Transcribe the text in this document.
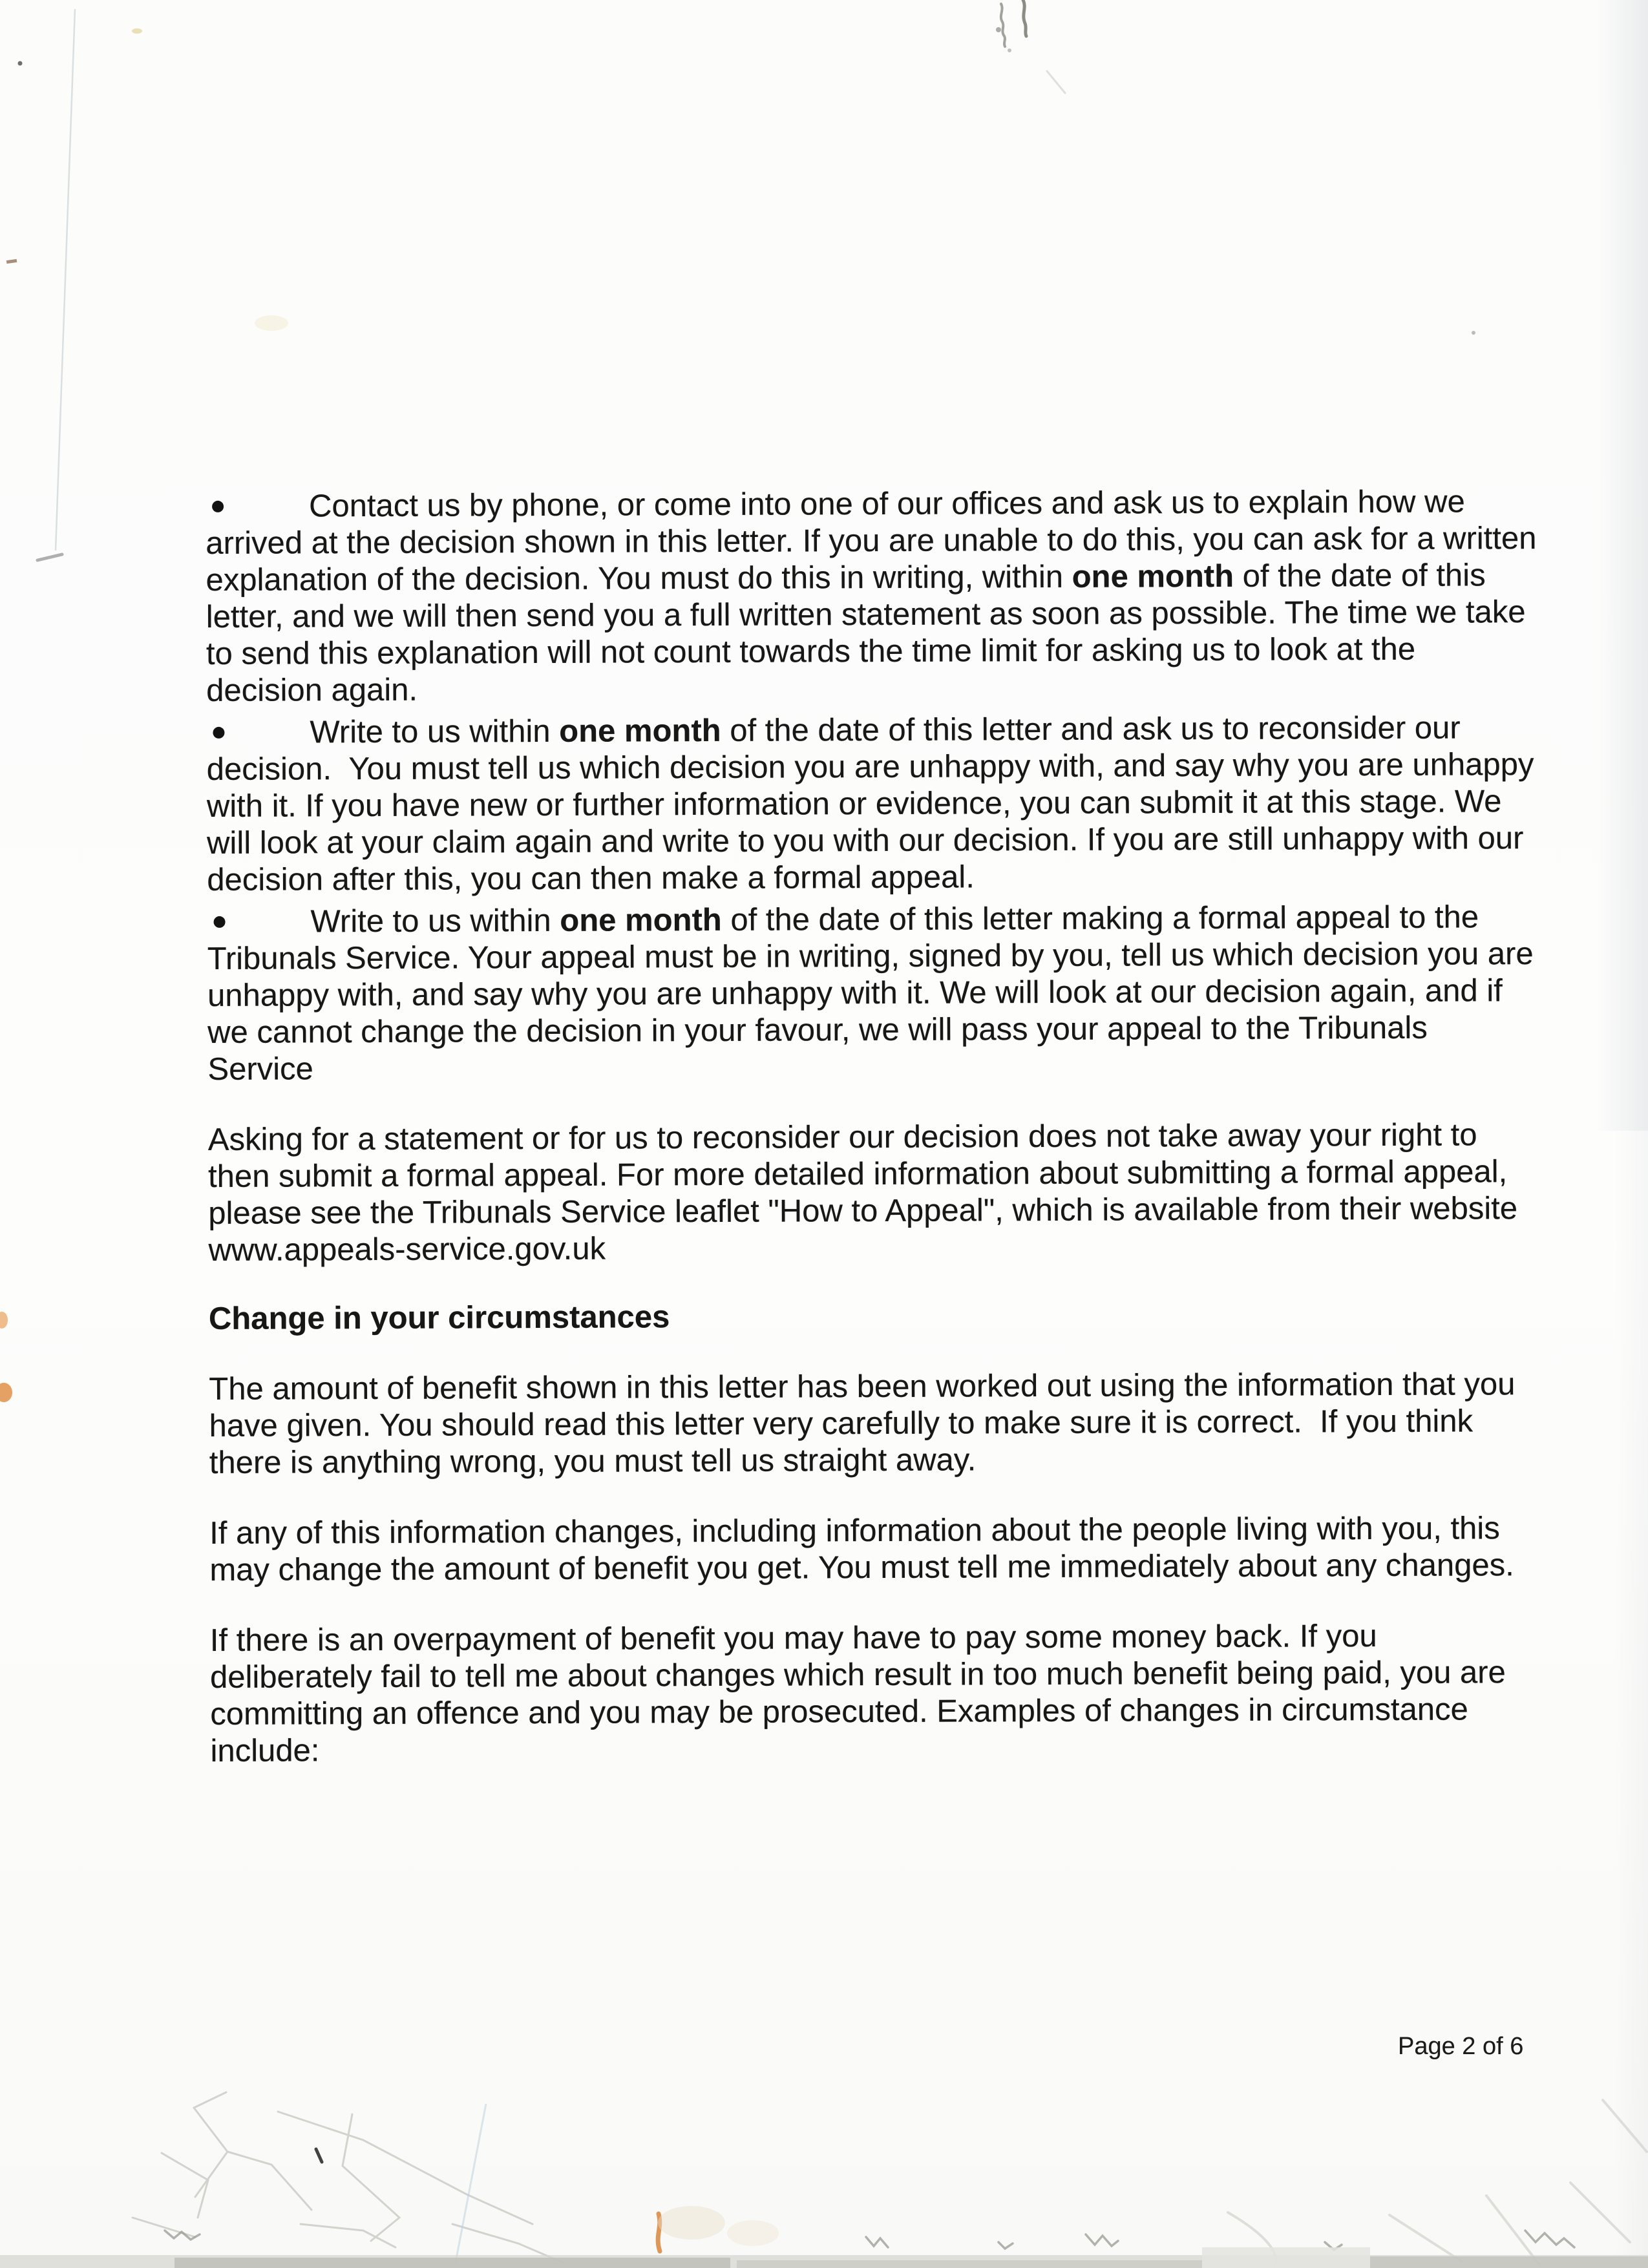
Contact us by phone, or come into one of our offices and ask us to explain how we arrived at the decision shown in this letter. If you are unable to do this, you can ask for a written explanation of the decision. You must do this in writing, within one month of the date of this letter, and we will then send you a full written statement as soon as possible. The time we take to send this explanation will not count towards the time limit for asking us to look at the decision again.
Write to us within one month of the date of this letter and ask us to reconsider our decision.  You must tell us which decision you are unhappy with, and say why you are unhappy with it. If you have new or further information or evidence, you can submit it at this stage. We will look at your claim again and write to you with our decision. If you are still unhappy with our decision after this, you can then make a formal appeal.
Write to us within one month of the date of this letter making a formal appeal to the Tribunals Service. Your appeal must be in writing, signed by you, tell us which decision you are unhappy with, and say why you are unhappy with it. We will look at our decision again, and if we cannot change the decision in your favour, we will pass your appeal to the Tribunals Service
Asking for a statement or for us to reconsider our decision does not take away your right to then submit a formal appeal. For more detailed information about submitting a formal appeal, please see the Tribunals Service leaflet "How to Appeal", which is available from their website www.appeals-service.gov.uk
Change in your circumstances
The amount of benefit shown in this letter has been worked out using the information that you have given. You should read this letter very carefully to make sure it is correct.  If you think there is anything wrong, you must tell us straight away.
If any of this information changes, including information about the people living with you, this may change the amount of benefit you get. You must tell me immediately about any changes.
If there is an overpayment of benefit you may have to pay some money back. If you deliberately fail to tell me about changes which result in too much benefit being paid, you are committing an offence and you may be prosecuted. Examples of changes in circumstance include:
Page 2 of 6
